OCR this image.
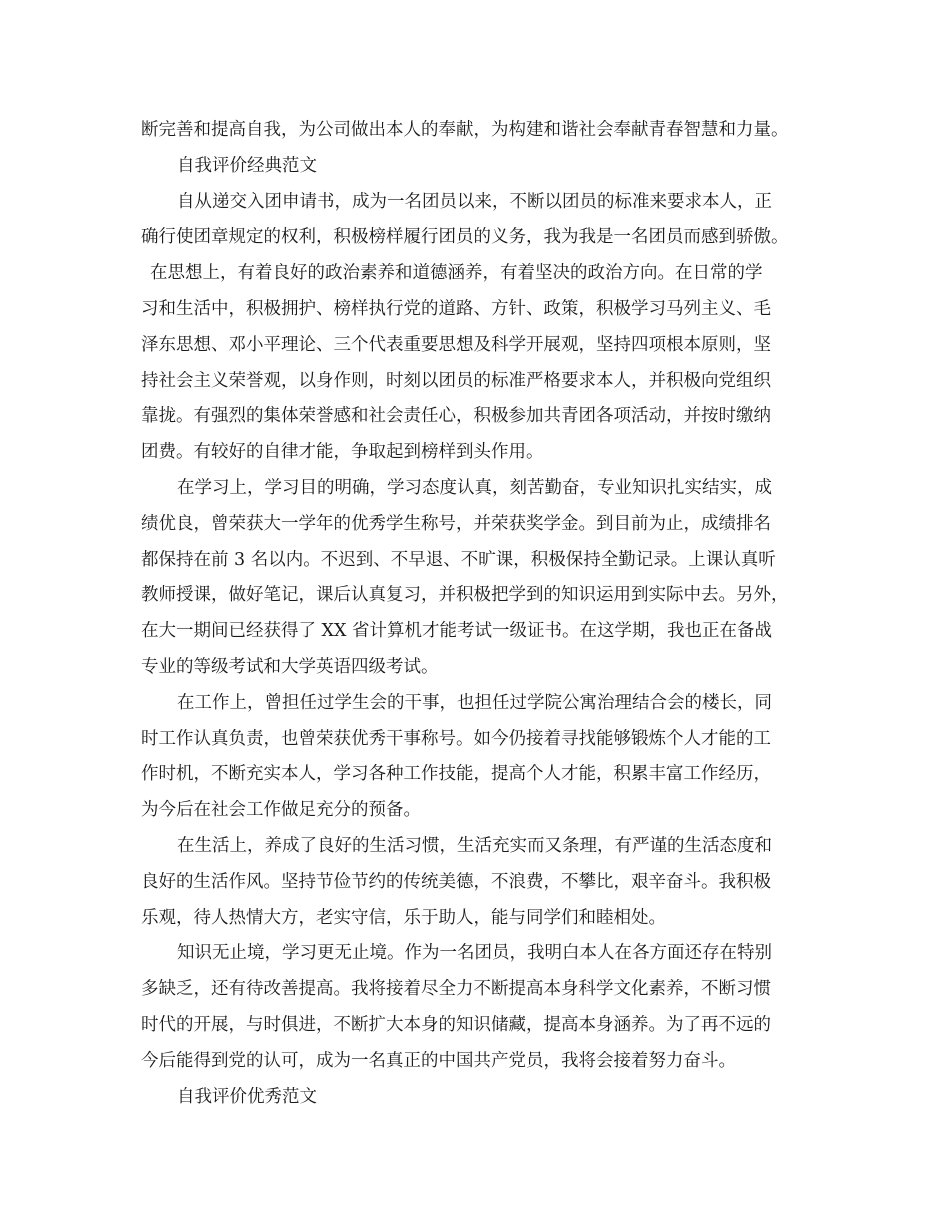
断完善和提高自我，为公司做出本人的奉献，为构建和谐社会奉献青春智慧和力量。
自我评价经典范文
自从递交入团申请书，成为一名团员以来，不断以团员的标准来要求本人，正
确行使团章规定的权利，积极榜样履行团员的义务，我为我是一名团员而感到骄傲。
在思想上，有着良好的政治素养和道德涵养，有着坚决的政治方向。在日常的学
习和生活中，积极拥护、榜样执行党的道路、方针、政策，积极学习马列主义、毛
泽东思想、邓小平理论、三个代表重要思想及科学开展观，坚持四项根本原则，坚
持社会主义荣誉观，以身作则，时刻以团员的标准严格要求本人，并积极向党组织
靠拢。有强烈的集体荣誉感和社会责任心，积极参加共青团各项活动，并按时缴纳
团费。有较好的自律才能，争取起到榜样到头作用。
在学习上，学习目的明确，学习态度认真，刻苦勤奋，专业知识扎实结实，成
绩优良，曾荣获大一学年的优秀学生称号，并荣获奖学金。到目前为止，成绩排名
都保持在前 3 名以内。不迟到、不早退、不旷课，积极保持全勤记录。上课认真听
教师授课，做好笔记，课后认真复习，并积极把学到的知识运用到实际中去。另外，
在大一期间已经获得了 XX 省计算机才能考试一级证书。在这学期，我也正在备战
专业的等级考试和大学英语四级考试。
在工作上，曾担任过学生会的干事，也担任过学院公寓治理结合会的楼长，同
时工作认真负责，也曾荣获优秀干事称号。如今仍接着寻找能够锻炼个人才能的工
作时机，不断充实本人，学习各种工作技能，提高个人才能，积累丰富工作经历，
为今后在社会工作做足充分的预备。
在生活上，养成了良好的生活习惯，生活充实而又条理，有严谨的生活态度和
良好的生活作风。坚持节俭节约的传统美德，不浪费，不攀比，艰辛奋斗。我积极
乐观，待人热情大方，老实守信，乐于助人，能与同学们和睦相处。
知识无止境，学习更无止境。作为一名团员，我明白本人在各方面还存在特别
多缺乏，还有待改善提高。我将接着尽全力不断提高本身科学文化素养，不断习惯
时代的开展，与时俱进，不断扩大本身的知识储藏，提高本身涵养。为了再不远的
今后能得到党的认可，成为一名真正的中国共产党员，我将会接着努力奋斗。
自我评价优秀范文
